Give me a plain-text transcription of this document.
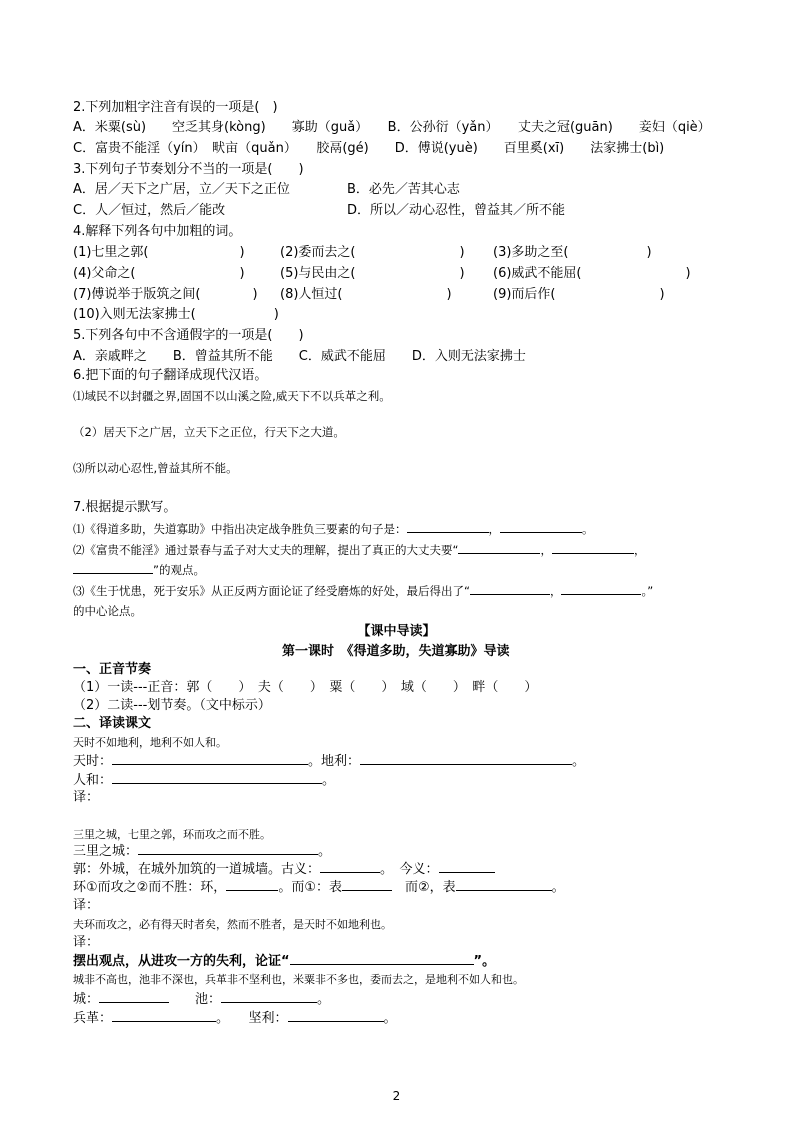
2.下列加粗字注音有误的一项是(　)
A．米粟(sù)　　空乏其身(kòng)　　寡助（guǎ）　　B．公孙衍（yǎn）　　丈夫之冠(guān)　　妾妇（qiè）
C．富贵不能淫（yín）　畎亩（quǎn）　　胶鬲(gé)　　D．傅说(yuè)　　百里奚(xī)　　法家拂士(bì)
3.下列句子节奏划分不当的一项是(　　)
A．居／天下之广居，立／天下之正位	B．必先／苦其心志
C．人／恒过，然后／能改	D．所以／动心忍性，曾益其／所不能
4.解释下列各句中加粗的词。
(1)七里之郭(　　　　　　　)	(2)委而去之(　　　　　　　　) (3)多助之至(　　　　　　)
(4)父命之(　　　　　　　　)	(5)与民由之(　　　　　　　　) (6)威武不能屈(　　　　　　　　)
(7)傅说举于版筑之间(　　　　) (8)人恒过(　　　　　　　　)	(9)而后作(　　　　　　　　)
(10)入则无法家拂士(　　　　　　)
5.下列各句中不含通假字的一项是(　　)
A．亲戚畔之　　B．曾益其所不能　　C．威武不能屈　　D．入则无法家拂士
6.把下面的句子翻译成现代汉语。
⑴域民不以封疆之界,固国不以山溪之险,威天下不以兵革之利。
（2）居天下之广居，立天下之正位，行天下之大道。
⑶所以动心忍性,曾益其所不能。
7.根据提示默写。
⑴《得道多助，失道寡助》中指出决定战争胜负三要素的句子是：	，	。
⑵《富贵不能淫》通过景春与孟子对大丈夫的理解，提出了真正的大丈夫要“	，	，
”的观点。
⑶《生于忧患，死于安乐》从正反两方面论证了经受磨炼的好处，最后得出了“	，	。”
的中心论点。
【课中导读】
第一课时　《得道多助，失道寡助》导读
一、正音节奏
（1）一读---正音：郭（　　）　夫（　　）　粟（　　）　域（　　）　畔（　　）
（2）二读---划节奏。（文中标示）
二、译读课文
天时不如地利，地利不如人和。
天时：	。地利：	。
人和：	。
译：
三里之城，七里之郭，环而攻之而不胜。
三里之城：	。
郭：外城，在城外加筑的一道城墙。古义：	。　今义：
环①而攻之②而不胜：环，	。而①：表　	而②，表	。
译：
夫环而攻之，必有得天时者矣，然而不胜者，是天时不如地利也。
译：
摆出观点，从进攻一方的失利，论证“	”。
城非不高也，池非不深也，兵革非不坚利也，米粟非不多也，委而去之，是地利不如人和也。
城：　　	池：	。
兵革：	。　　坚利：	。
2
